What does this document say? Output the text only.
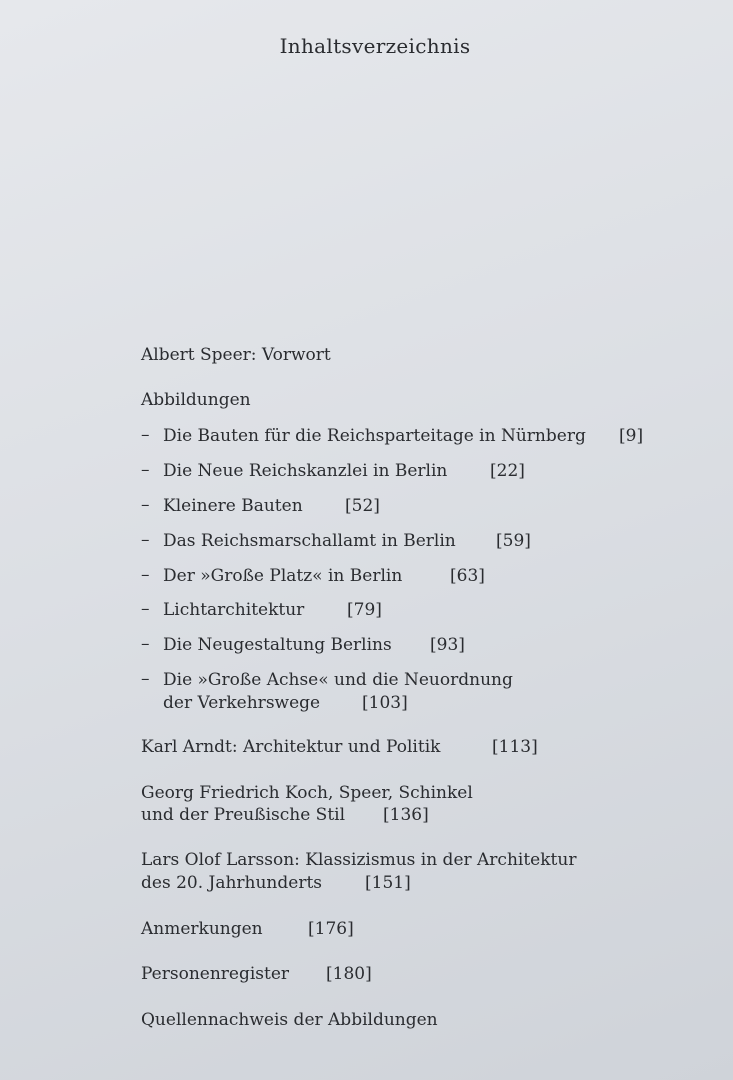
Inhaltsverzeichnis
Albert Speer: Vorwort
Abbildungen
– Die Bauten für die Reichsparteitage in Nürnberg [9]
– Die Neue Reichskanzlei in Berlin	[22]
– Kleinere Bauten [52]
– Das Reichsmarschallamt in Berlin [59]
– Der »Große Platz« in Berlin	[63]
– Lichtarchitektur	[79]
– Die Neugestaltung Berlins [93]
– Die »Große Achse« und die Neuordnung
der Verkehrswege [103]
Karl Arndt: Architektur und Politik	[113]
Georg Friedrich Koch, Speer, Schinkel
und der Preußische Stil [136]
Lars Olof Larsson: Klassizismus in der Architektur
des 20. Jahrhunderts	[151]
Anmerkungen	[176]
Personenregister [180]
Quellennachweis der Abbildungen
